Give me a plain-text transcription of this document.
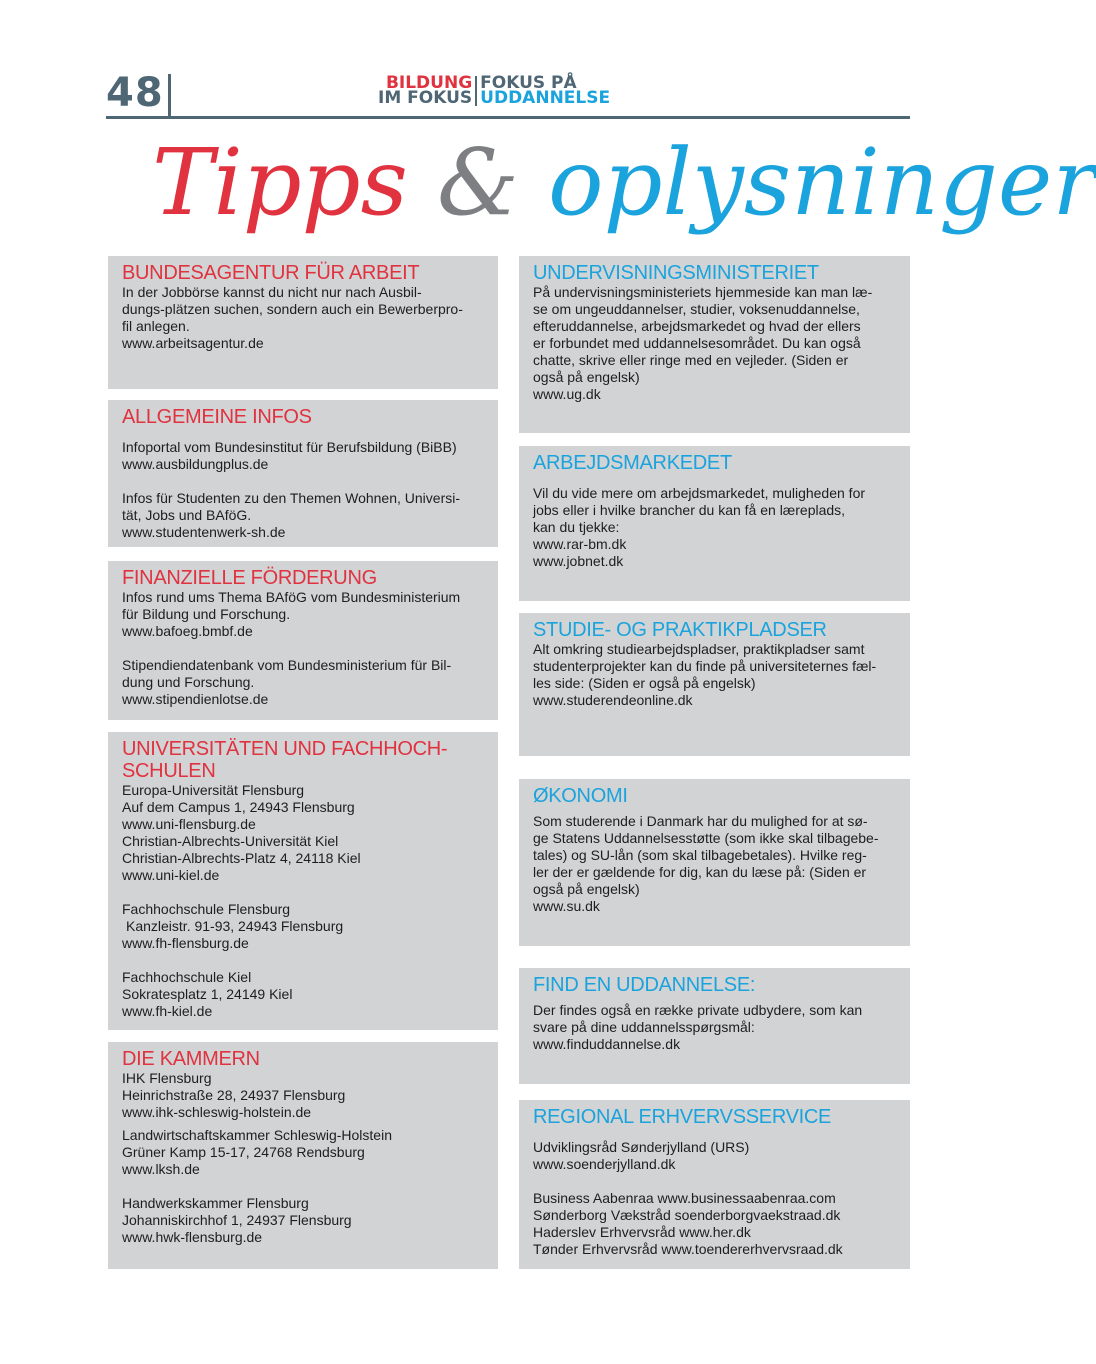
48	BILDUNG
IM FOKUSFOKUS PÅ
UDDANNELSE
Tipps & oplysninger
BUNDESAGENTUR FÜR ARBEIT

In der Jobbörse kannst du nicht nur nach Ausbil-

dungs-plätzen suchen, sondern auch ein Bewerberpro-

fil anlegen.

www.arbeitsagentur.de

ALLGEMEINE INFOS

Infoportal vom Bundesinstitut für Berufsbildung (BiBB)

www.ausbildungplus.de

Infos für Studenten zu den Themen Wohnen, Universi-

tät, Jobs und BAföG.

www.studentenwerk-sh.de

FINANZIELLE FÖRDERUNG

Infos rund ums Thema BAföG vom Bundesministerium

für Bildung und Forschung.

www.bafoeg.bmbf.de

Stipendiendatenbank vom Bundesministerium für Bil-

dung und Forschung.

www.stipendienlotse.de

UNIVERSITÄTEN UND FACHHOCH-
SCHULEN

Europa-Universität Flensburg

Auf dem Campus 1, 24943 Flensburg

www.uni-flensburg.de

Christian-Albrechts-Universität Kiel

Christian-Albrechts-Platz 4, 24118 Kiel

www.uni-kiel.de

Fachhochschule Flensburg

Kanzleistr. 91-93, 24943 Flensburg

www.fh-flensburg.de

Fachhochschule Kiel

Sokratesplatz 1, 24149 Kiel

www.fh-kiel.de

DIE KAMMERN

IHK Flensburg

Heinrichstraße 28, 24937 Flensburg

www.ihk-schleswig-holstein.de

Landwirtschaftskammer Schleswig-Holstein

Grüner Kamp 15-17, 24768 Rendsburg

www.lksh.de

Handwerkskammer Flensburg

Johanniskirchhof 1, 24937 Flensburg

www.hwk-flensburg.de

UNDERVISNINGSMINISTERIET

På undervisningsministeriets hjemmeside kan man læ-

se om ungeuddannelser, studier, voksenuddannelse,

efteruddannelse, arbejdsmarkedet og hvad der ellers

er forbundet med uddannelsesområdet. Du kan også

chatte, skrive eller ringe med en vejleder. (Siden er

også på engelsk)

www.ug.dk

ARBEJDSMARKEDET

Vil du vide mere om arbejdsmarkedet, muligheden for

jobs eller i hvilke brancher du kan få en læreplads,

kan du tjekke:

www.rar-bm.dk

www.jobnet.dk

STUDIE- OG PRAKTIKPLADSER

Alt omkring studiearbejdspladser, praktikpladser samt

studenterprojekter kan du finde på universiteternes fæl-

les side: (Siden er også på engelsk)

www.studerendeonline.dk

ØKONOMI

Som studerende i Danmark har du mulighed for at sø-

ge Statens Uddannelsesstøtte (som ikke skal tilbagebe-

tales) og SU-lån (som skal tilbagebetales). Hvilke reg-

ler der er gældende for dig, kan du læse på: (Siden er

også på engelsk)

www.su.dk

FIND EN UDDANNELSE:

Der findes også en række private udbydere, som kan

svare på dine uddannelsspørgsmål:

www.finduddannelse.dk

REGIONAL ERHVERVSSERVICE

Udviklingsråd Sønderjylland (URS)

www.soenderjylland.dk

Business Aabenraa www.businessaabenraa.com

Sønderborg Vækstråd soenderborgvaekstraad.dk

Haderslev Erhvervsråd www.her.dk

Tønder Erhvervsråd www.toendererhvervsraad.dk
